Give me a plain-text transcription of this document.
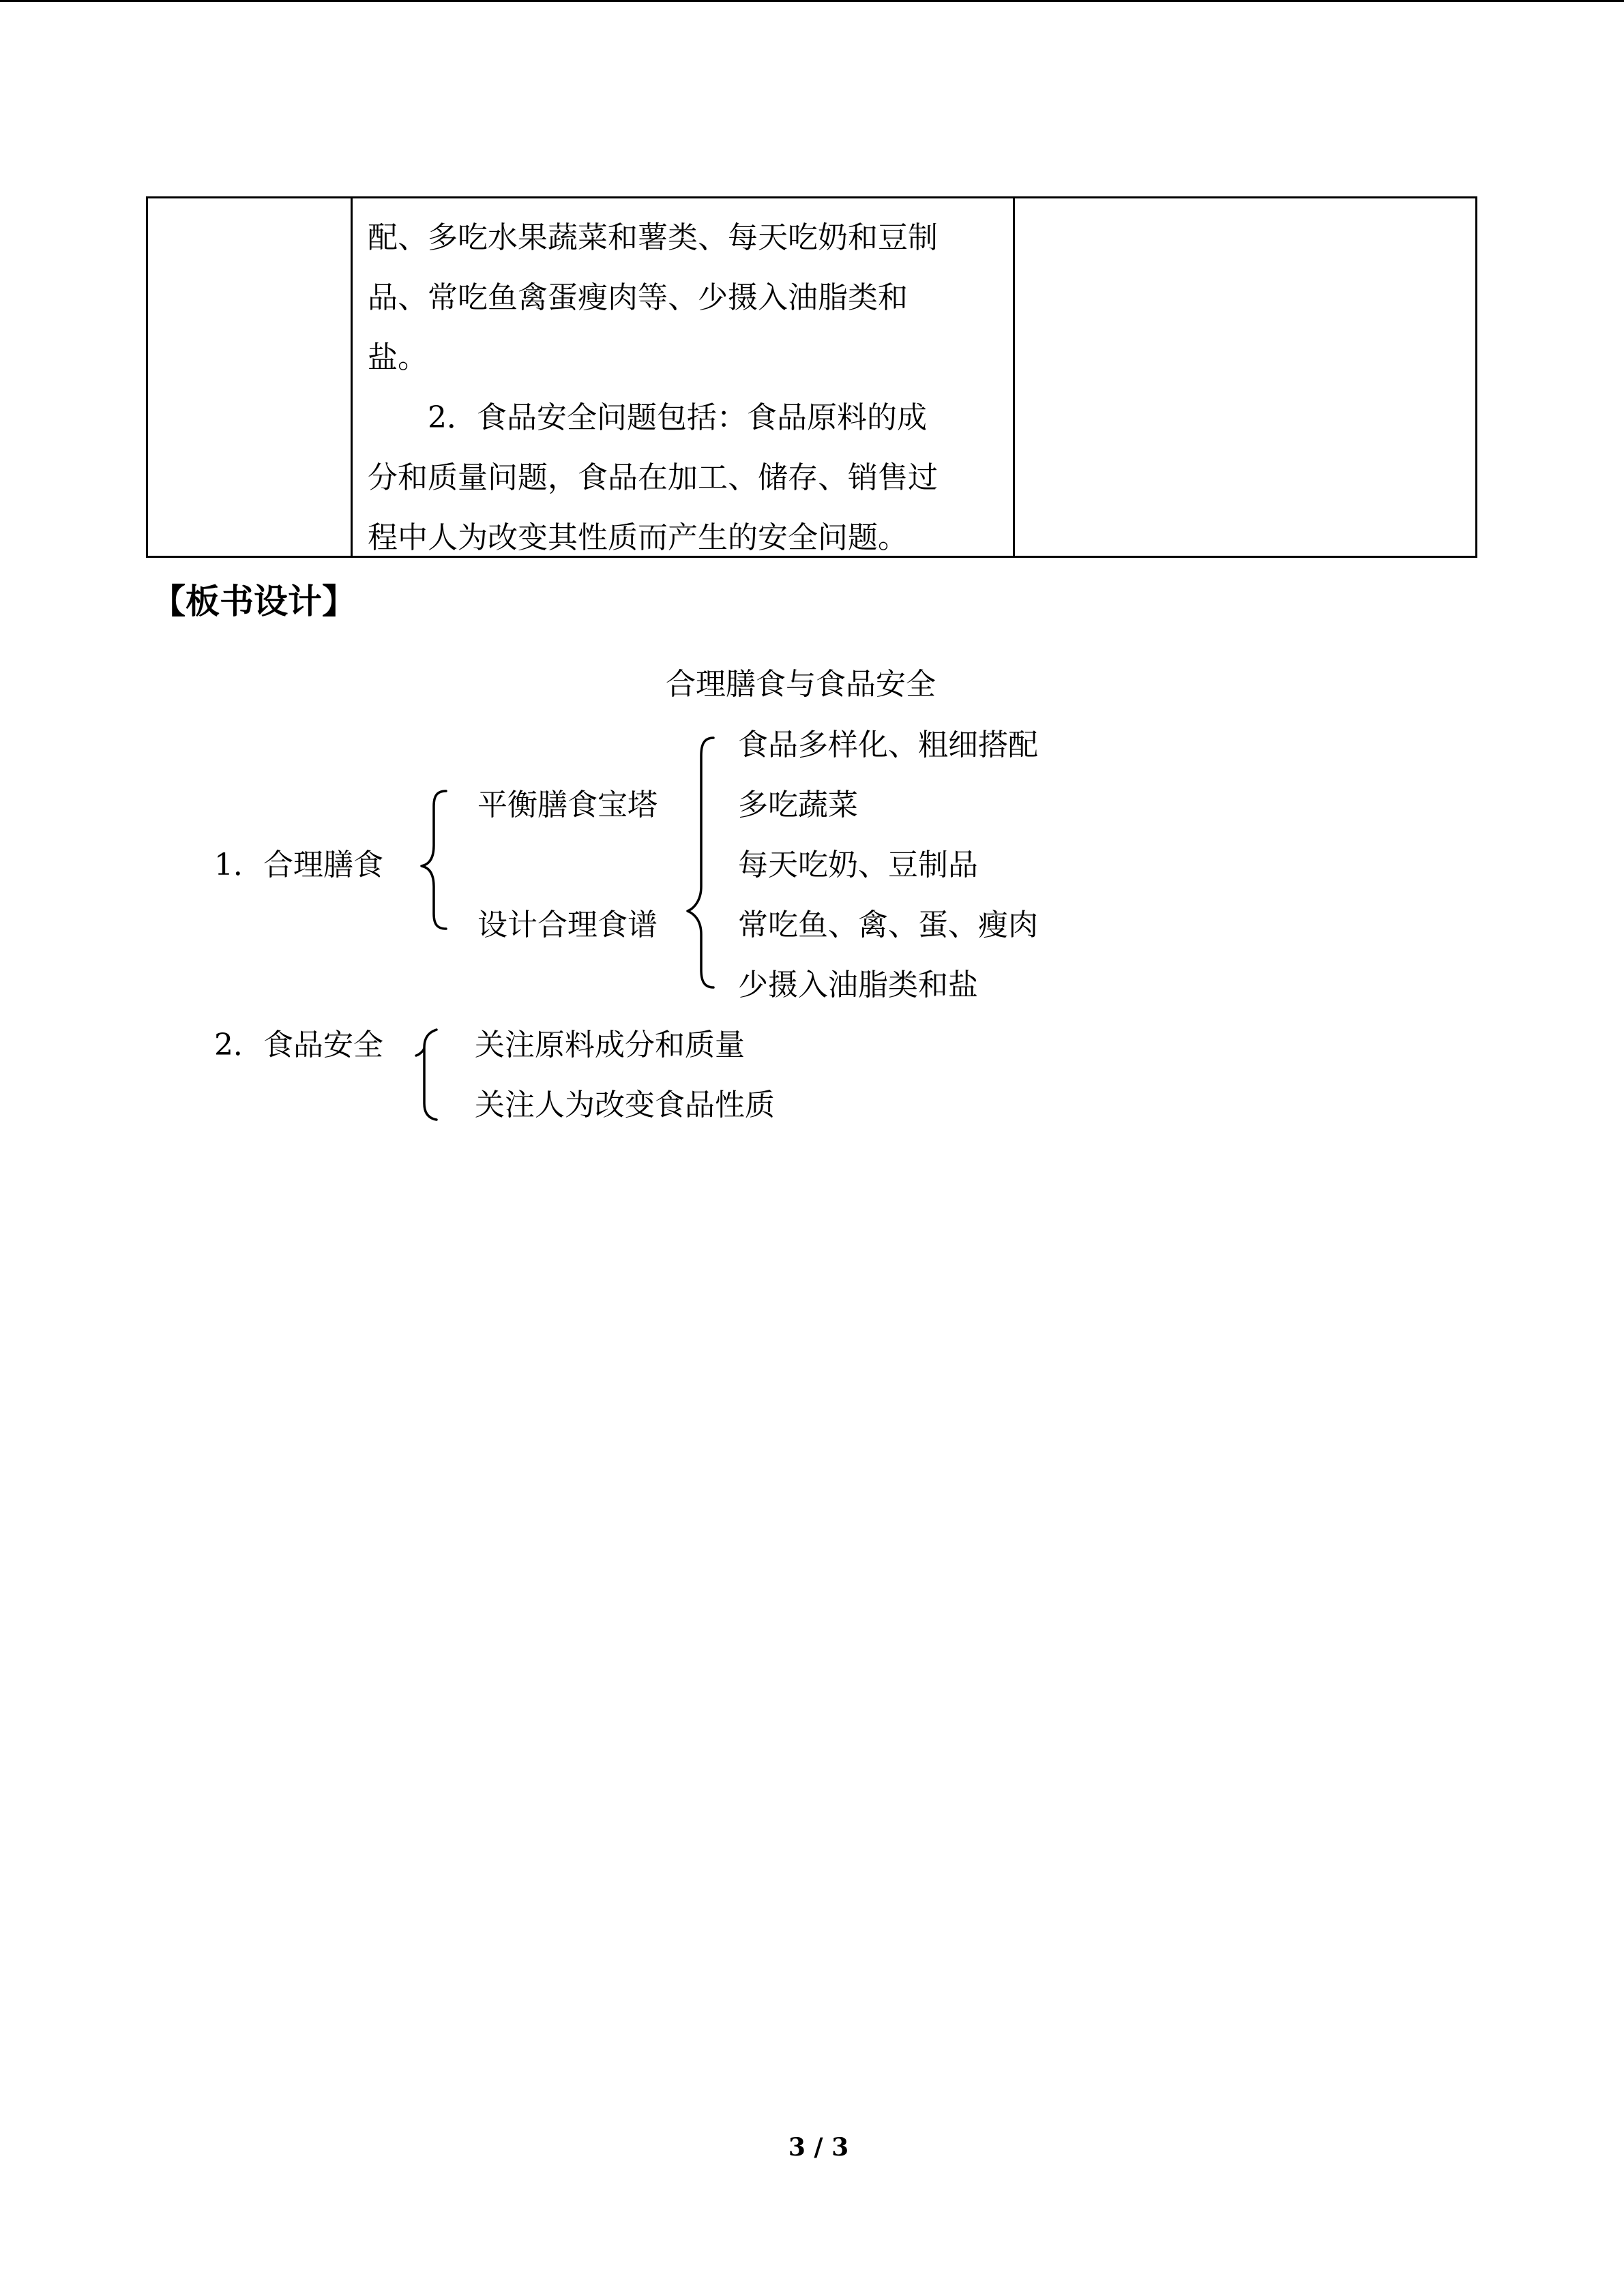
配、多吃水果蔬菜和薯类、每天吃奶和豆制

品、常吃鱼禽蛋瘦肉等、少摄入油脂类和

盐。

2．食品安全问题包括：食品原料的成

分和质量问题，食品在加工、储存、销售过

程中人为改变其性质而产生的安全问题。

【板书设计】
合理膳食与食品安全
1．合理膳食
平衡膳食宝塔
设计合理食谱
食品多样化、粗细搭配
多吃蔬菜
每天吃奶、豆制品
常吃鱼、禽、蛋、瘦肉
少摄入油脂类和盐
2．食品安全	关注原料成分和质量
关注人为改变食品性质
3 / 3
